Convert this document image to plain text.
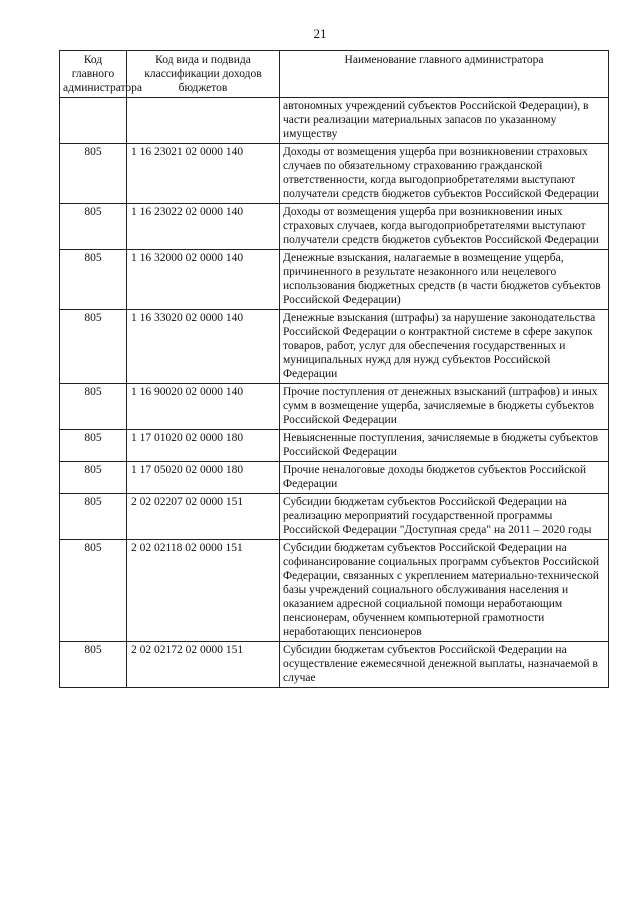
21
Код главного администратора	Код вида и подвида классификации доходов бюджетов	Наименование главного администратора
		автономных учреждений субъектов Российской Федерации), в части реализации материальных запасов по указанному имуществу
805	1 16 23021 02 0000 140	Доходы от возмещения ущерба при возникновении страховых случаев по обязательному страхованию гражданской ответственности, когда выгодоприобретателями выступают получатели средств бюджетов субъектов Российской Федерации
805	1 16 23022 02 0000 140	Доходы от возмещения ущерба при возникновении иных страховых случаев, когда выгодоприобретателями выступают получатели средств бюджетов субъектов Российской Федерации
805	1 16 32000 02 0000 140	Денежные взыскания, налагаемые в возмещение ущерба, причиненного в результате незаконного или нецелевого использования бюджетных средств (в части бюджетов субъектов Российской Федерации)
805	1 16 33020 02 0000 140	Денежные взыскания (штрафы) за нарушение законодательства Российской Федерации о контрактной системе в сфере закупок товаров, работ, услуг для обеспечения государственных и муниципальных нужд для нужд субъектов Российской Федерации
805	1 16 90020 02 0000 140	Прочие поступления от денежных взысканий (штрафов) и иных сумм в возмещение ущерба, зачисляемые в бюджеты субъектов Российской Федерации
805	1 17 01020 02 0000 180	Невыясненные поступления, зачисляемые в бюджеты субъектов Российской Федерации
805	1 17 05020 02 0000 180	Прочие неналоговые доходы бюджетов субъектов Российской Федерации
805	2 02 02207 02 0000 151	Субсидии бюджетам субъектов Российской Федерации на реализацию мероприятий государственной программы Российской Федерации "Доступная среда" на 2011 – 2020 годы
805	2 02 02118 02 0000 151	Субсидии бюджетам субъектов Российской Федерации на софинансирование социальных программ субъектов Российской Федерации, связанных с укреплением материально-технической базы учреждений социального обслуживания населения и оказанием адресной социальной помощи неработающим пенсионерам, обученнем компьютерной грамотности неработающих пенсионеров
805	2 02 02172 02 0000 151	Субсидии бюджетам субъектов Российской Федерации на осуществление ежемесячной денежной выплаты, назначаемой в случае
